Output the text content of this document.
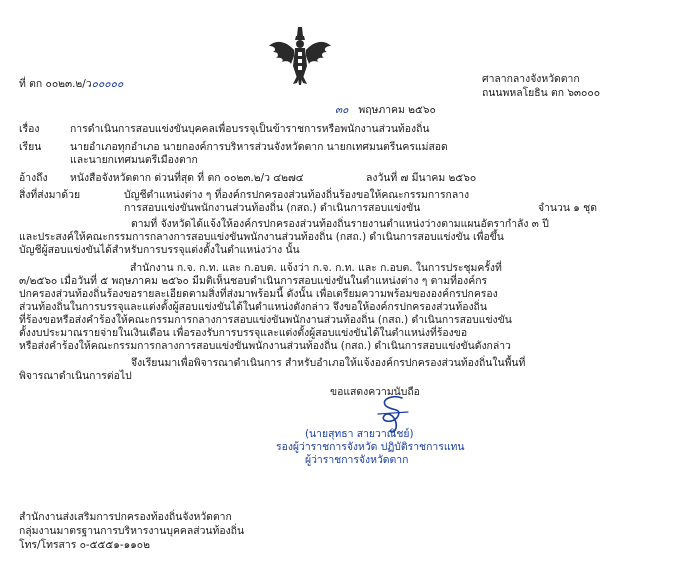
ที่ ตก ๐๐๒๓.๒/ว๐๐๐๐๐	ศาลากลางจังหวัดตาก
ถนนพหลโยธิน ตก ๖๓๐๐๐
๓๐ พฤษภาคม ๒๕๖๐
เรื่อง	การดำเนินการสอบแข่งขันบุคคลเพื่อบรรจุเป็นข้าราชการหรือพนักงานส่วนท้องถิ่น
เรียน	นายอำเภอทุกอำเภอ นายกองค์การบริหารส่วนจังหวัดตาก นายกเทศมนตรีนครแม่สอด
และนายกเทศมนตรีเมืองตาก
อ้างถึง หนังสือจังหวัดตาก ด่วนที่สุด ที่ ตก ๐๐๒๓.๒/ว ๔๒๗๔	ลงวันที่ ๗ มีนาคม ๒๕๖๐
สิ่งที่ส่งมาด้วย	บัญชีตำแหน่งต่าง ๆ ที่องค์กรปกครองส่วนท้องถิ่นร้องขอให้คณะกรรมการกลาง
การสอบแข่งขันพนักงานส่วนท้องถิ่น (กสถ.) ดำเนินการสอบแข่งขัน	จำนวน ๑ ชุด
ตามที่ จังหวัดได้แจ้งให้องค์กรปกครองส่วนท้องถิ่นรายงานตำแหน่งว่างตามแผนอัตรากำลัง ๓ ปี
และประสงค์ให้คณะกรรมการกลางการสอบแข่งขันพนักงานส่วนท้องถิ่น (กสถ.) ดำเนินการสอบแข่งขัน เพื่อขึ้น
บัญชีผู้สอบแข่งขันได้สำหรับการบรรจุแต่งตั้งในตำแหน่งว่าง นั้น
สำนักงาน ก.จ. ก.ท. และ ก.อบต. แจ้งว่า ก.จ. ก.ท. และ ก.อบต. ในการประชุมครั้งที่
๓/๒๕๖๐ เมื่อวันที่ ๕ พฤษภาคม ๒๕๖๐ มีมติเห็นชอบดำเนินการสอบแข่งขันในตำแหน่งต่าง ๆ ตามที่องค์กร
ปกครองส่วนท้องถิ่นร้องขอรายละเอียดตามสิ่งที่ส่งมาพร้อมนี้ ดังนั้น เพื่อเตรียมความพร้อมขององค์กรปกครอง
ส่วนท้องถิ่นในการบรรจุและแต่งตั้งผู้สอบแข่งขันได้ในตำแหน่งดังกล่าว จึงขอให้องค์กรปกครองส่วนท้องถิ่น
ที่ร้องขอหรือส่งคำร้องให้คณะกรรมการกลางการสอบแข่งขันพนักงานส่วนท้องถิ่น (กสถ.) ดำเนินการสอบแข่งขัน
ตั้งงบประมาณรายจ่ายในเงินเดือน เพื่อรองรับการบรรจุและแต่งตั้งผู้สอบแข่งขันได้ในตำแหน่งที่ร้องขอ
หรือส่งคำร้องให้คณะกรรมการกลางการสอบแข่งขันพนักงานส่วนท้องถิ่น (กสถ.) ดำเนินการสอบแข่งขันดังกล่าว
จึงเรียนมาเพื่อพิจารณาดำเนินการ สำหรับอำเภอให้แจ้งองค์กรปกครองส่วนท้องถิ่นในพื้นที่
พิจารณาดำเนินการต่อไป
ขอแสดงความนับถือ
(นายสุทธา สายวาณิชย์)
รองผู้ว่าราชการจังหวัด ปฏิบัติราชการแทน
ผู้ว่าราชการจังหวัดตาก
สำนักงานส่งเสริมการปกครองท้องถิ่นจังหวัดตาก
กลุ่มงานมาตรฐานการบริหารงานบุคคลส่วนท้องถิ่น
โทร/โทรสาร ๐-๕๕๕๑-๑๑๐๒
